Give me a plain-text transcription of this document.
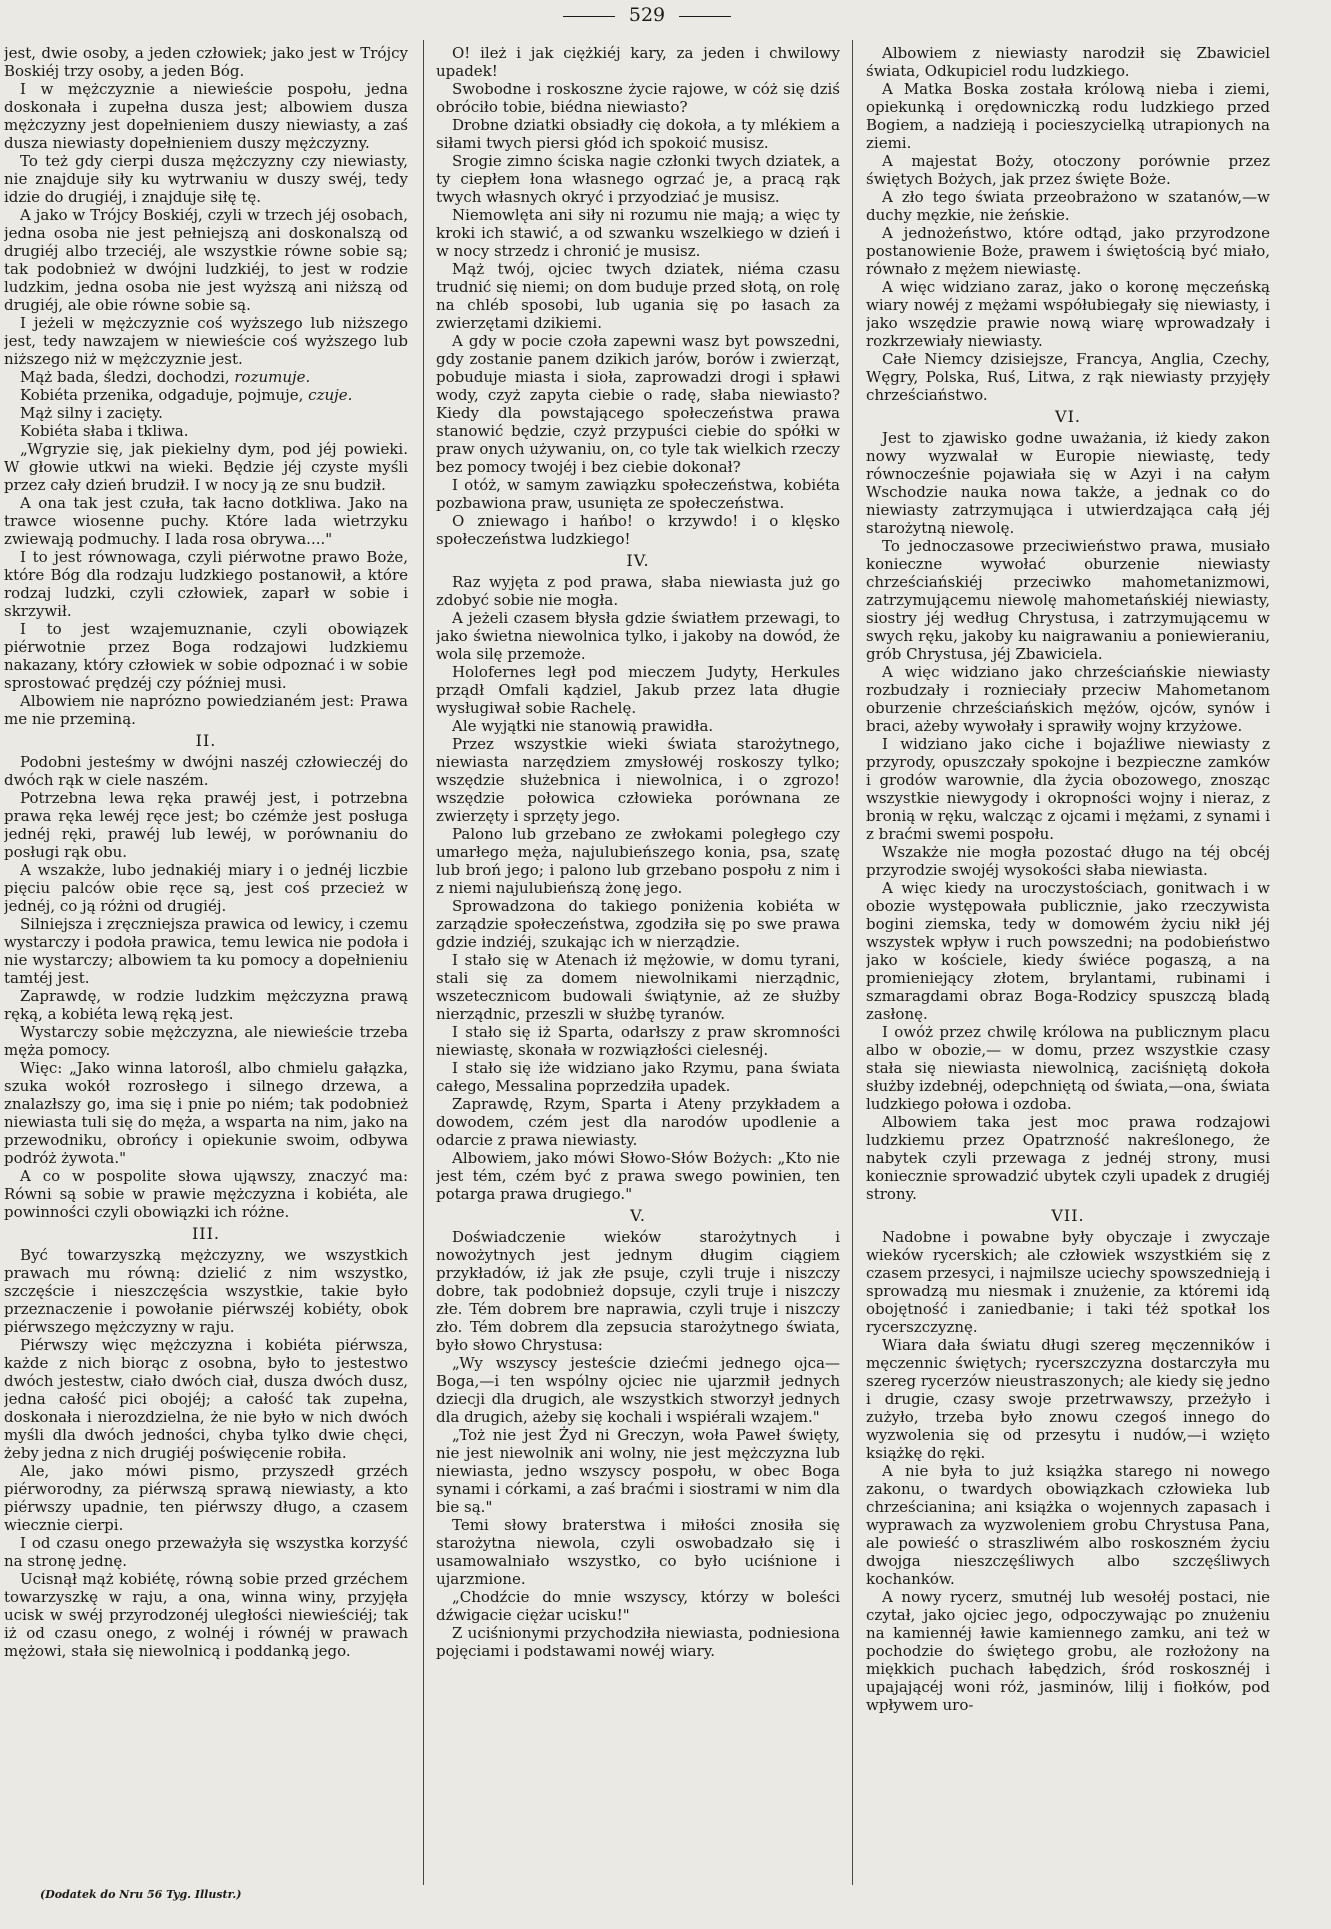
529

jest, dwie osoby, a jeden człowiek; jako jest w Trójcy Boskiéj trzy osoby, a jeden Bóg.

I w mężczyznie a niewieście pospołu, jedna doskonała i zupełna dusza jest; albowiem dusza mężczyzny jest dopełnieniem duszy niewiasty, a zaś dusza niewiasty dopełnieniem duszy mężczyzny.

To też gdy cierpi dusza mężczyzny czy niewiasty, nie znajduje siły ku wytrwaniu w duszy swéj, tedy idzie do drugiéj, i znajduje siłę tę.

A jako w Trójcy Boskiéj, czyli w trzech jéj osobach, jedna osoba nie jest pełniejszą ani doskonalszą od drugiéj albo trzeciéj, ale wszystkie równe sobie są; tak podobnież w dwójni ludzkiéj, to jest w rodzie ludzkim, jedna osoba nie jest wyższą ani niższą od drugiéj, ale obie równe sobie są.

I jeżeli w mężczyznie coś wyższego lub niższego jest, tedy nawzajem w niewieście coś wyższego lub niższego niż w mężczyznie jest.

Mąż bada, śledzi, dochodzi, rozumuje.

Kobiéta przenika, odgaduje, pojmuje, czuje.

Mąż silny i zacięty.

Kobiéta słaba i tkliwa.

„Wgryzie się, jak piekielny dym, pod jéj powieki. W głowie utkwi na wieki. Będzie jéj czyste myśli przez cały dzień brudził. I w nocy ją ze snu budził.

A ona tak jest czuła, tak łacno dotkliwa. Jako na trawce wiosenne puchy. Które lada wietrzyku zwiewają podmuchy. I lada rosa obrywa...."

I to jest równowaga, czyli piérwotne prawo Boże, które Bóg dla rodzaju ludzkiego postanowił, a które rodzaj ludzki, czyli człowiek, zaparł w sobie i skrzywił.

I to jest wzajemuznanie, czyli obowiązek piérwotnie przez Boga rodzajowi ludzkiemu nakazany, który człowiek w sobie odpoznać i w sobie sprostować prędzéj czy później musi.

Albowiem nie naprózno powiedzianém jest: Prawa me nie przeminą.

II.

Podobni jesteśmy w dwójni naszéj człowieczéj do dwóch rąk w ciele naszém.

Potrzebna lewa ręka prawéj jest, i potrzebna prawa ręka lewéj ręce jest; bo czémże jest posługa jednéj ręki, prawéj lub lewéj, w porównaniu do posługi rąk obu.

A wszakże, lubo jednakiéj miary i o jednéj liczbie pięciu palców obie ręce są, jest coś przecież w jednéj, co ją różni od drugiéj.

Silniejsza i zręczniejsza prawica od lewicy, i czemu wystarczy i podoła prawica, temu lewica nie podoła i nie wystarczy; albowiem ta ku pomocy a dopełnieniu tamtéj jest.

Zaprawdę, w rodzie ludzkim mężczyzna prawą ręką, a kobiéta lewą ręką jest.

Wystarczy sobie mężczyzna, ale niewieście trzeba męża pomocy.

Więc: „Jako winna latorośl, albo chmielu gałązka, szuka wokół rozrosłego i silnego drzewa, a znalazłszy go, ima się i pnie po niém; tak podobnież niewiasta tuli się do męża, a wsparta na nim, jako na przewodniku, obrońcy i opiekunie swoim, odbywa podróż żywota."

A co w pospolite słowa ująwszy, znaczyć ma: Równi są sobie w prawie mężczyzna i kobiéta, ale powinności czyli obowiązki ich różne.

III.

Być towarzyszką mężczyzny, we wszystkich prawach mu równą: dzielić z nim wszystko, szczęście i nieszczęścia wszystkie, takie było przeznaczenie i powołanie piérwszéj kobiéty, obok piérwszego mężczyzny w raju.

Piérwszy więc mężczyzna i kobiéta piérwsza, każde z nich biorąc z osobna, było to jestestwo dwóch jestestw, ciało dwóch ciał, dusza dwóch dusz, jedna całość pici obojéj; a całość tak zupełna, doskonała i nierozdzielna, że nie było w nich dwóch myśli dla dwóch jedności, chyba tylko dwie chęci, żeby jedna z nich drugiéj poświęcenie robiła.

Ale, jako mówi pismo, przyszedł grzéch piérworodny, za piérwszą sprawą niewiasty, a kto piérwszy upadnie, ten piérwszy długo, a czasem wiecznie cierpi.

I od czasu onego przeważyła się wszystka korzyść na stronę jednę.

Ucisnął mąż kobiétę, równą sobie przed grzéchem towarzyszkę w raju, a ona, winna winy, przyjęła ucisk w swéj przyrodzonéj uległości niewieściéj; tak iż od czasu onego, z wolnéj i równéj w prawach mężowi, stała się niewolnicą i poddanką jego.

O! ileż i jak ciężkiéj kary, za jeden i chwilowy upadek!

Swobodne i roskoszne życie rajowe, w cóż się dziś obróciło tobie, biédna niewiasto?

Drobne dziatki obsiadły cię dokoła, a ty mlékiem a siłami twych piersi głód ich spokoić musisz.

Srogie zimno ściska nagie członki twych dziatek, a ty ciepłem łona własnego ogrzać je, a pracą rąk twych własnych okryć i przyodziać je musisz.

Niemowlęta ani siły ni rozumu nie mają; a więc ty kroki ich stawić, a od szwanku wszelkiego w dzień i w nocy strzedz i chronić je musisz.

Mąż twój, ojciec twych dziatek, niéma czasu trudnić się niemi; on dom buduje przed słotą, on rolę na chléb sposobi, lub ugania się po łasach za zwierzętami dzikiemi.

A gdy w pocie czoła zapewni wasz byt powszedni, gdy zostanie panem dzikich jarów, borów i zwierząt, pobuduje miasta i sioła, zaprowadzi drogi i spławi wody, czyż zapyta ciebie o radę, słaba niewiasto? Kiedy dla powstającego społeczeństwa prawa stanowić będzie, czyż przypuści ciebie do spółki w praw onych używaniu, on, co tyle tak wielkich rzeczy bez pomocy twojéj i bez ciebie dokonał?

I otóż, w samym zawiązku społeczeństwa, kobiéta pozbawiona praw, usunięta ze społeczeństwa.

O zniewago i hańbo! o krzywdo! i o klęsko społeczeństwa ludzkiego!

IV.

Raz wyjęta z pod prawa, słaba niewiasta już go zdobyć sobie nie mogła.

A jeżeli czasem błysła gdzie światłem przewagi, to jako świetna niewolnica tylko, i jakoby na dowód, że wola silę przemoże.

Holofernes legł pod mieczem Judyty, Herkules prządł Omfali kądziel, Jakub przez lata długie wysługiwał sobie Rachelę.

Ale wyjątki nie stanowią prawidła.

Przez wszystkie wieki świata starożytnego, niewiasta narzędziem zmysłowéj roskoszy tylko; wszędzie służebnica i niewolnica, i o zgrozo! wszędzie połowica człowieka porównana ze zwierzęty i sprzęty jego.

Palono lub grzebano ze zwłokami poległego czy umarłego męża, najulubieńszego konia, psa, szatę lub broń jego; i palono lub grzebano pospołu z nim i z niemi najulubieńszą żonę jego.

Sprowadzona do takiego poniżenia kobiéta w zarządzie społeczeństwa, zgodziła się po swe prawa gdzie indziéj, szukając ich w nierządzie.

I stało się w Atenach iż mężowie, w domu tyrani, stali się za domem niewolnikami nierządnic, wszetecznicom budowali świątynie, aż ze służby nierządnic, przeszli w służbę tyranów.

I stało się iż Sparta, odarłszy z praw skromności niewiastę, skonała w rozwiązłości cielesnéj.

I stało się iże widziano jako Rzymu, pana świata całego, Messalina poprzedziła upadek.

Zaprawdę, Rzym, Sparta i Ateny przykładem a dowodem, czém jest dla narodów upodlenie a odarcie z prawa niewiasty.

Albowiem, jako mówi Słowo-Słów Bożych: „Kto nie jest tém, czém być z prawa swego powinien, ten potarga prawa drugiego."

V.

Doświadczenie wieków starożytnych i nowożytnych jest jednym długim ciągiem przykładów, iż jak złe psuje, czyli truje i niszczy dobre, tak podobnież dopsuje, czyli truje i niszczy złe. Tém dobrem bre naprawia, czyli truje i niszczy zło. Tém dobrem dla zepsucia starożytnego świata, było słowo Chrystusa:

„Wy wszyscy jesteście dziećmi jednego ojca—Boga,—i ten wspólny ojciec nie ujarzmił jednych dziecji dla drugich, ale wszystkich stworzył jednych dla drugich, ażeby się kochali i wspiérali wzajem."

„Toż nie jest Żyd ni Greczyn, woła Paweł święty, nie jest niewolnik ani wolny, nie jest mężczyzna lub niewiasta, jedno wszyscy pospołu, w obec Boga synami i córkami, a zaś braćmi i siostrami w nim dla bie są."

Temi słowy braterstwa i miłości znosiła się starożytna niewola, czyli oswobadzało się i usamowalniało wszystko, co było uciśnione i ujarzmione.

„Chodźcie do mnie wszyscy, którzy w boleści dźwigacie ciężar ucisku!"

Z uciśnionymi przychodziła niewiasta, podniesiona pojęciami i podstawami nowéj wiary.

Albowiem z niewiasty narodził się Zbawiciel świata, Odkupiciel rodu ludzkiego.

A Matka Boska została królową nieba i ziemi, opiekunką i orędowniczką rodu ludzkiego przed Bogiem, a nadzieją i pocieszycielką utrapionych na ziemi.

A majestat Boży, otoczony porównie przez świętych Bożych, jak przez święte Boże.

A zło tego świata przeobrażono w szatanów,—w duchy męzkie, nie żeńskie.

A jednożeństwo, które odtąd, jako przyrodzone postanowienie Boże, prawem i świętością być miało, równało z mężem niewiastę.

A więc widziano zaraz, jako o koronę męczeńską wiary nowéj z mężami współubiegały się niewiasty, i jako wszędzie prawie nową wiarę wprowadzały i rozkrzewiały niewiasty.

Całe Niemcy dzisiejsze, Francya, Anglia, Czechy, Węgry, Polska, Ruś, Litwa, z rąk niewiasty przyjęły chrześciaństwo.

VI.

Jest to zjawisko godne uważania, iż kiedy zakon nowy wyzwalał w Europie niewiastę, tedy równocześnie pojawiała się w Azyi i na całym Wschodzie nauka nowa także, a jednak co do niewiasty zatrzymująca i utwierdzająca całą jéj starożytną niewolę.

To jednoczasowe przeciwieństwo prawa, musiało konieczne wywołać oburzenie niewiasty chrześciańskiéj przeciwko mahometanizmowi, zatrzymującemu niewolę mahometańskiéj niewiasty, siostry jéj według Chrystusa, i zatrzymującemu w swych ręku, jakoby ku naigrawaniu a poniewieraniu, grób Chrystusa, jéj Zbawiciela.

A więc widziano jako chrześciańskie niewiasty rozbudzały i roznieciały przeciw Mahometanom oburzenie chrześciańskich mężów, ojców, synów i braci, ażeby wywołały i sprawiły wojny krzyżowe.

I widziano jako ciche i bojaźliwe niewiasty z przyrody, opuszczały spokojne i bezpieczne zamków i grodów warownie, dla życia obozowego, znosząc wszystkie niewygody i okropności wojny i nieraz, z bronią w ręku, walcząc z ojcami i mężami, z synami i z braćmi swemi pospołu.

Wszakże nie mogła pozostać długo na téj obcéj przyrodzie swojéj wysokości słaba niewiasta.

A więc kiedy na uroczystościach, gonitwach i w obozie występowała publicznie, jako rzeczywista bogini ziemska, tedy w domowém życiu nikł jéj wszystek wpływ i ruch powszedni; na podobieństwo jako w kościele, kiedy świéce pogaszą, a na promieniejący złotem, brylantami, rubinami i szmaragdami obraz Boga-Rodzicy spuszczą bladą zasłonę.

I owóż przez chwilę królowa na publicznym placu albo w obozie,— w domu, przez wszystkie czasy stała się niewiasta niewolnicą, zaciśniętą dokoła służby izdebnéj, odepchniętą od świata,—ona, świata ludzkiego połowa i ozdoba.

Albowiem taka jest moc prawa rodzajowi ludzkiemu przez Opatrzność nakreślonego, że nabytek czyli przewaga z jednéj strony, musi koniecznie sprowadzić ubytek czyli upadek z drugiéj strony.

VII.

Nadobne i powabne były obyczaje i zwyczaje wieków rycerskich; ale człowiek wszystkiém się z czasem przesyci, i najmilsze uciechy spowszednieją i sprowadzą mu niesmak i znużenie, za któremi idą obojętność i zaniedbanie; i taki téż spotkał los rycerszczyznę.

Wiara dała światu długi szereg męczenników i męczennic świętych; rycerszczyzna dostarczyła mu szereg rycerzów nieustraszonych; ale kiedy się jedno i drugie, czasy swoje przetrwawszy, przeżyło i zużyło, trzeba było znowu czegoś innego do wyzwolenia się od przesytu i nudów,—i wzięto książkę do ręki.

A nie była to już książka starego ni nowego zakonu, o twardych obowiązkach człowieka lub chrześcianina; ani książka o wojennych zapasach i wyprawach za wyzwoleniem grobu Chrystusa Pana, ale powieść o straszliwém albo roskoszném życiu dwojga nieszczęśliwych albo szczęśliwych kochanków.

A nowy rycerz, smutnéj lub wesołéj postaci, nie czytał, jako ojciec jego, odpoczywając po znużeniu na kamiennéj ławie kamiennego zamku, ani też w pochodzie do świętego grobu, ale rozłożony na miękkich puchach łabędzich, śród roskosznéj i upajającéj woni róż, jasminów, lilij i fiołków, pod wpływem uro-

(Dodatek do Nru 56 Tyg. Illustr.)
